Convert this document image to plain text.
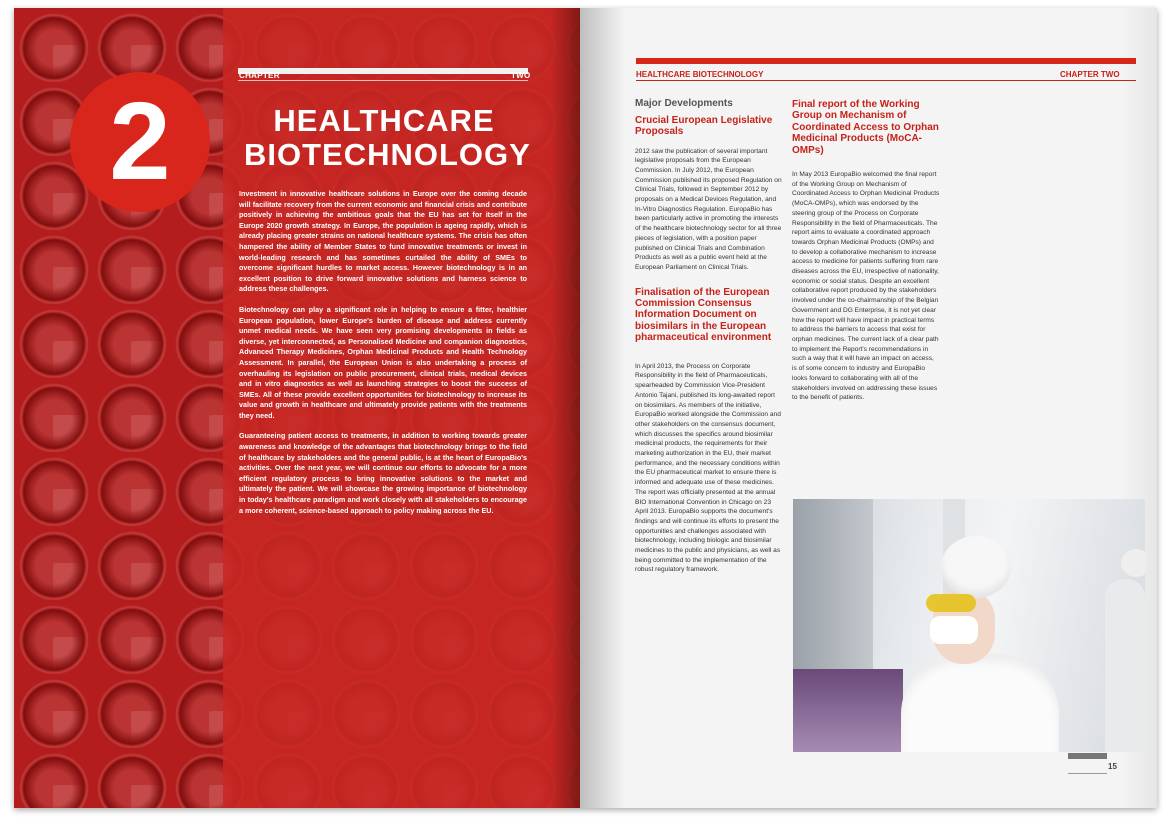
CHAPTER	TWO
2	HEALTHCARE
BIOTECHNOLOGY

Investment in innovative healthcare solutions in Europe over the coming decade will facilitate recovery from the current economic and financial crisis and contribute positively in achieving the ambitious goals that the EU has set for itself in the Europe 2020 growth strategy. In Europe, the population is ageing rapidly, which is already placing greater strains on national healthcare systems. The crisis has often hampered the ability of Member States to fund innovative treatments or invest in world-leading research and has sometimes curtailed the ability of SMEs to overcome significant hurdles to market access. However biotechnology is in an excellent position to drive forward innovative solutions and harness science to address these challenges.

Biotechnology can play a significant role in helping to ensure a fitter, healthier European population, lower Europe's burden of disease and address currently unmet medical needs. We have seen very promising developments in fields as diverse, yet interconnected, as Personalised Medicine and companion diagnostics, Advanced Therapy Medicines, Orphan Medicinal Products and Health Technology Assessment. In parallel, the European Union is also undertaking a process of overhauling its legislation on public procurement, clinical trials, medical devices and in vitro diagnostics as well as launching strategies to boost the success of SMEs. All of these provide excellent opportunities for biotechnology to increase its value and growth in healthcare and ultimately provide patients with the treatments they need.

Guaranteeing patient access to treatments, in addition to working towards greater awareness and knowledge of the advantages that biotechnology brings to the field of healthcare by stakeholders and the general public, is at the heart of EuropaBio's activities. Over the next year, we will continue our efforts to advocate for a more efficient regulatory process to bring innovative solutions to the market and ultimately the patient. We will showcase the growing importance of biotechnology in today's healthcare paradigm and work closely with all stakeholders to encourage a more coherent, science-based approach to policy making across the EU.

HEALTHCARE BIOTECHNOLOGY	CHAPTER TWO
Major Developments
Crucial European Legislative Proposals

2012 saw the publication of several important legislative proposals from the European Commission. In July 2012, the European Commission published its proposed Regulation on Clinical Trials, followed in September 2012 by proposals on a Medical Devices Regulation, and In-Vitro Diagnostics Regulation. EuropaBio has been particularly active in promoting the interests of the healthcare biotechnology sector for all three pieces of legislation, with a position paper published on Clinical Trials and Combination Products as well as a public event held at the European Parliament on Clinical Trials.

Finalisation of the European Commission Consensus Information Document on biosimilars in the European pharmaceutical environment

In April 2013, the Process on Corporate Responsibility in the field of Pharmaceuticals, spearheaded by Commission Vice-President Antonio Tajani, published its long-awaited report on biosimilars. As members of the initiative, EuropaBio worked alongside the Commission and other stakeholders on the consensus document, which discusses the specifics around biosimilar medicinal products, the requirements for their marketing authorization in the EU, their market performance, and the necessary conditions within the EU pharmaceutical market to ensure there is informed and adequate use of these medicines. The report was officially presented at the annual BIO International Convention in Chicago on 23 April 2013. EuropaBio supports the document's findings and will continue its efforts to present the opportunities and challenges associated with biotechnology, including biologic and biosimilar medicines to the public and physicians, as well as being committed to the implementation of the robust regulatory framework.

Final report of the Working Group on Mechanism of Coordinated Access to Orphan Medicinal Products (MoCA-OMPs)

In May 2013 EuropaBio welcomed the final report of the Working Group on Mechanism of Coordinated Access to Orphan Medicinal Products (MoCA-OMPs), which was endorsed by the steering group of the Process on Corporate Responsibility in the field of Pharmaceuticals. The report aims to evaluate a coordinated approach towards Orphan Medicinal Products (OMPs) and to develop a collaborative mechanism to increase access to medicine for patients suffering from rare diseases across the EU, irrespective of nationality, economic or social status. Despite an excellent collaborative report produced by the stakeholders involved under the co-chairmanship of the Belgian Government and DG Enterprise, it is not yet clear how the report will have impact in practical terms to address the barriers to access that exist for orphan medicines. The current lack of a clear path to implement the Report's recommendations in such a way that it will have an impact on access, is of some concern to industry and EuropaBio looks forward to collaborating with all of the stakeholders involved on addressing these issues to the benefit of patients.

15
